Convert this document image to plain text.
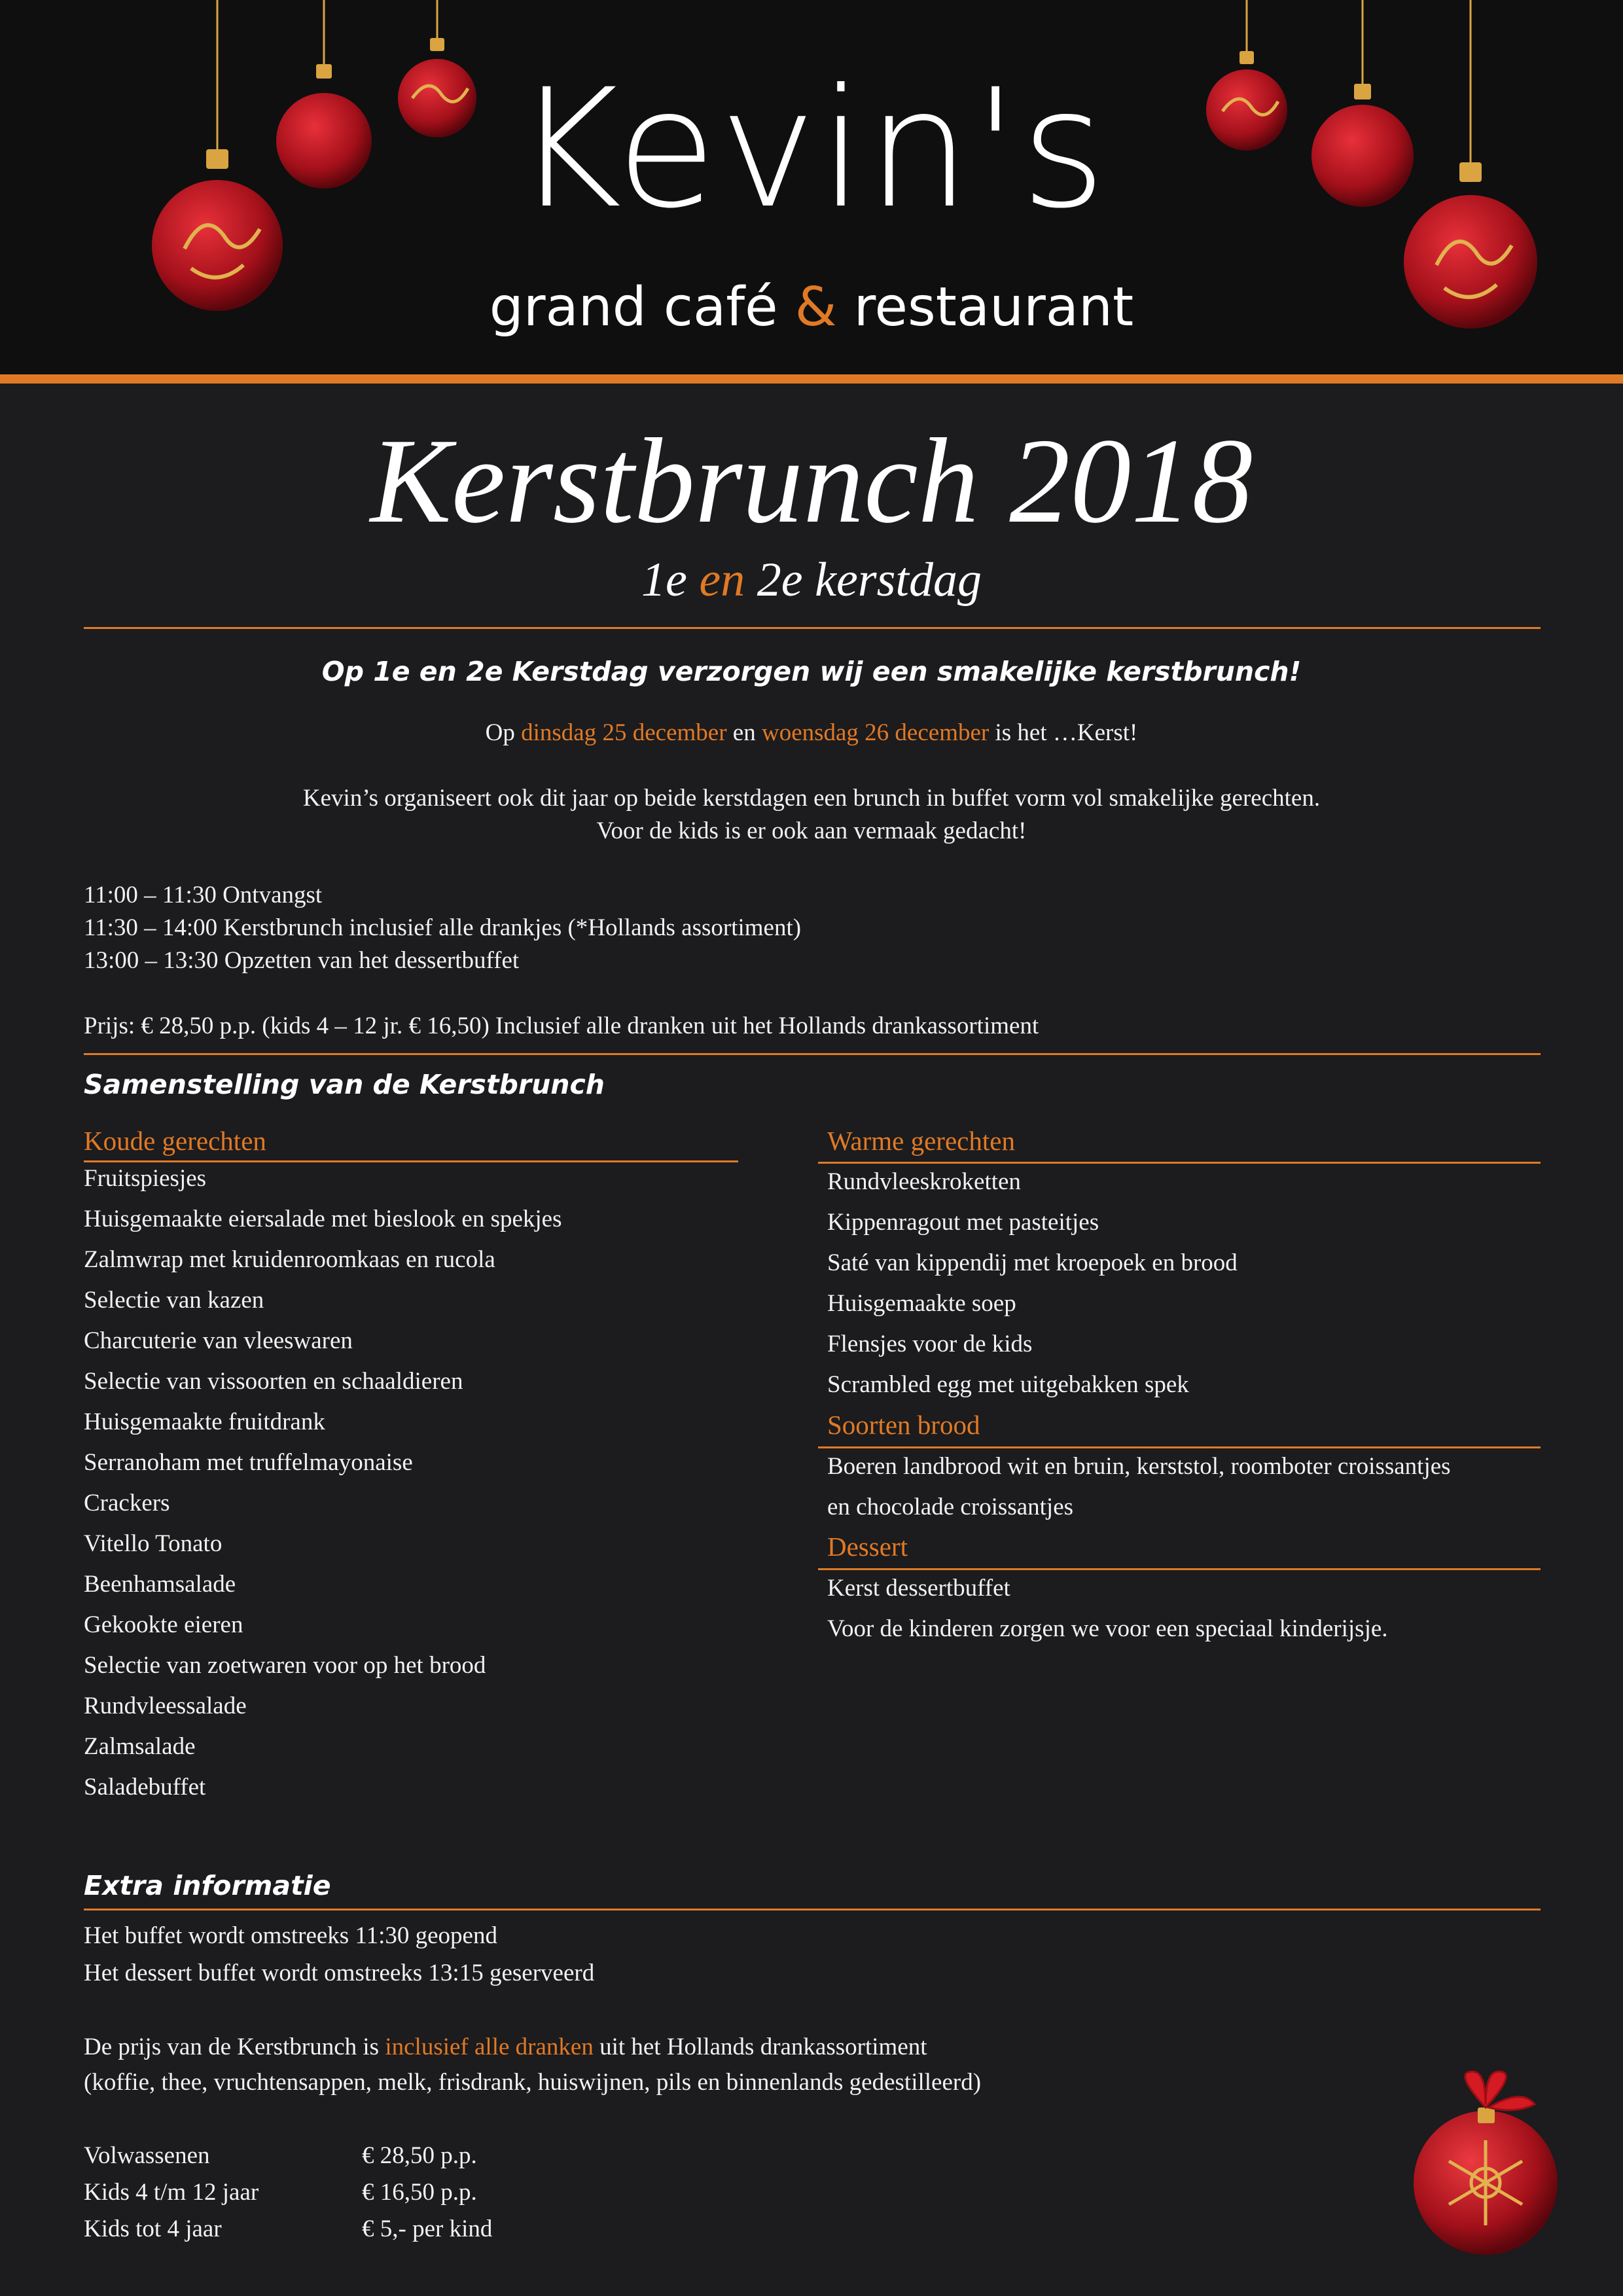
Kevin's
grand café & restaurant
Kerstbrunch 2018
1e en 2e kerstdag
Op 1e en 2e Kerstdag verzorgen wij een smakelijke kerstbrunch!
Op dinsdag 25 december en woensdag 26 december is het …Kerst!
Kevin’s organiseert ook dit jaar op beide kerstdagen een brunch in buffet vorm vol smakelijke gerechten.
Voor de kids is er ook aan vermaak gedacht!
11:00 – 11:30 Ontvangst
11:30 – 14:00 Kerstbrunch inclusief alle drankjes (*Hollands assortiment)
13:00 – 13:30 Opzetten van het dessertbuffet
Prijs: € 28,50 p.p. (kids 4 – 12 jr. € 16,50) Inclusief alle dranken uit het Hollands drankassortiment
Samenstelling van de Kerstbrunch
Koude gerechten
Fruitspiesjes
Huisgemaakte eiersalade met bieslook en spekjes
Zalmwrap met kruidenroomkaas en rucola
Selectie van kazen
Charcuterie van vleeswaren
Selectie van vissoorten en schaaldieren
Huisgemaakte fruitdrank
Serranoham met truffelmayonaise
Crackers
Vitello Tonato
Beenhamsalade
Gekookte eieren
Selectie van zoetwaren voor op het brood
Rundvleessalade
Zalmsalade
Saladebuffet
Warme gerechten
Rundvleeskroketten
Kippenragout met pasteitjes
Saté van kippendij met kroepoek en brood
Huisgemaakte soep
Flensjes voor de kids
Scrambled egg met uitgebakken spek
Soorten brood
Boeren landbrood wit en bruin, kerststol, roomboter croissantjes
en chocolade croissantjes
Dessert
Kerst dessertbuffet
Voor de kinderen zorgen we voor een speciaal kinderijsje.
Extra informatie
Het buffet wordt omstreeks 11:30 geopend
Het dessert buffet wordt omstreeks 13:15 geserveerd
De prijs van de Kerstbrunch is inclusief alle dranken uit het Hollands drankassortiment
(koffie, thee, vruchtensappen, melk, frisdrank, huiswijnen, pils en binnenlands gedestilleerd)
Volwassenen	€ 28,50 p.p.
Kids 4 t/m 12 jaar	€ 16,50 p.p.
Kids tot 4 jaar	€ 5,- per kind
